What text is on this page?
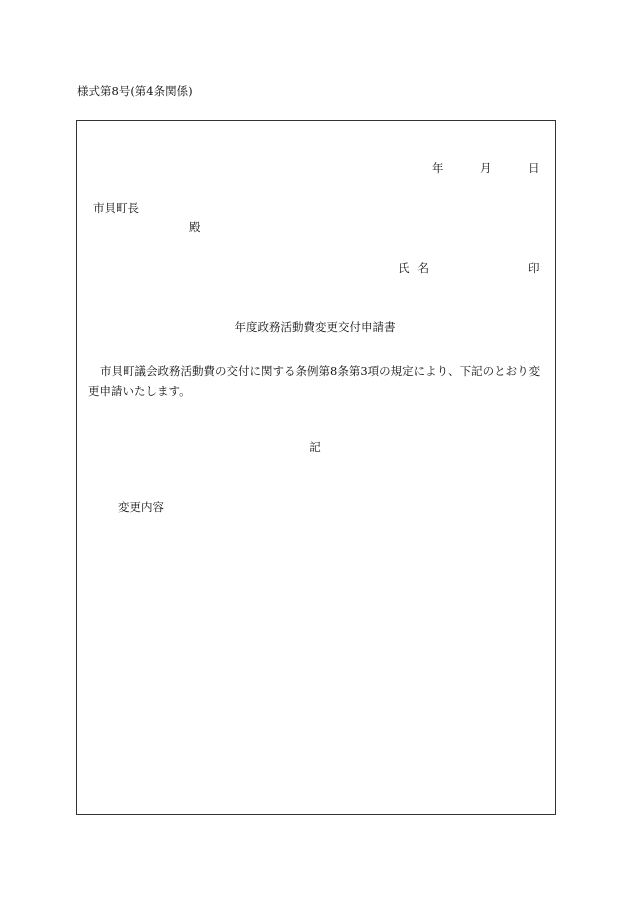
様式第8号(第4条関係)
年	月	日
市貝町長
殿
氏名	印
年度政務活動費変更交付申請書
市貝町議会政務活動費の交付に関する条例第8条第3項の規定により、下記のとおり変更申請いたします。
記
変更内容
